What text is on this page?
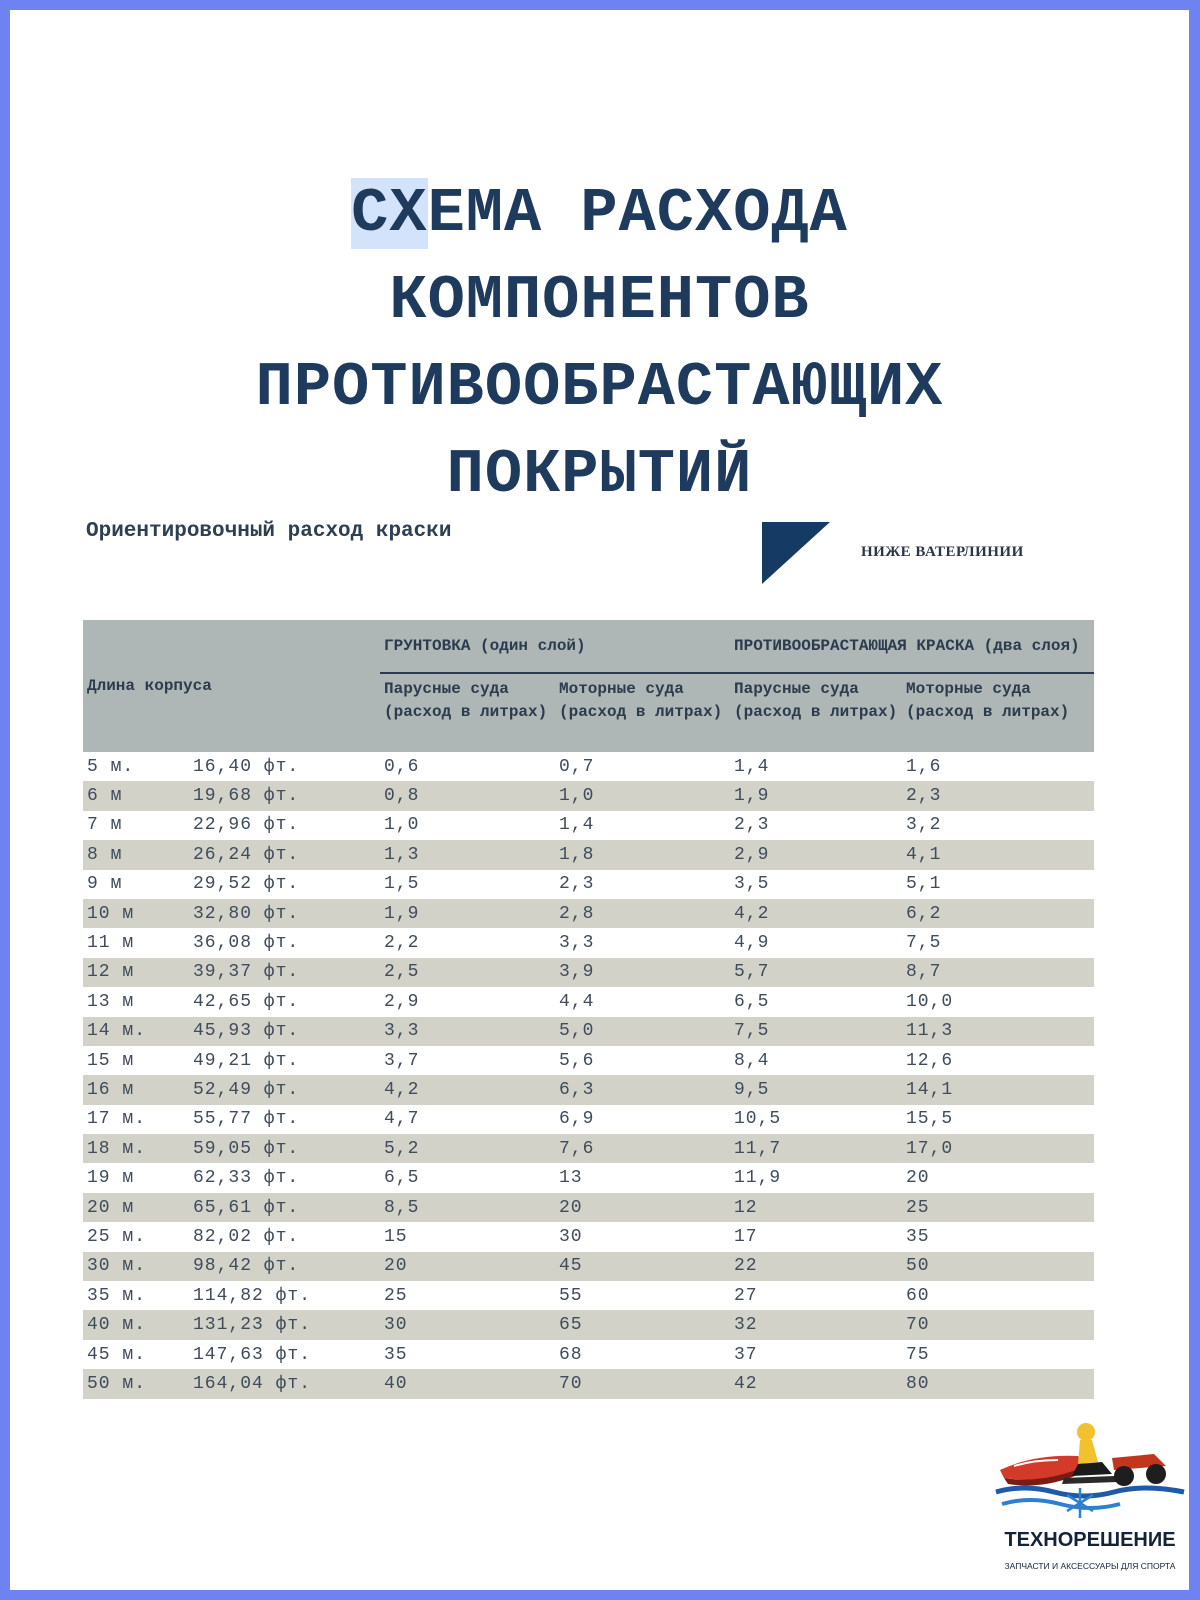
СХЕМА РАСХОДА
КОМПОНЕНТОВ
ПРОТИВООБРАСТАЮЩИХ
ПОКРЫТИЙ
Ориентировочный расход краски
НИЖЕ ВАТЕРЛИНИИ
Длина корпуса	ГРУНТОВКА (один слой)		ПРОТИВООБРАСТАЮЩАЯ КРАСКА (два слоя)	
	Парусные суда (расход в литрах)	Моторные суда (расход в литрах)	Парусные суда (расход в литрах)	Моторные суда (расход в литрах)
5 м. 16,40 фт.	0,6	0,7	1,4	1,6
6 м 19,68 фт.	0,8	1,0	1,9	2,3
7 м 22,96 фт.	1,0	1,4	2,3	3,2
8 м 26,24 фт.	1,3	1,8	2,9	4,1
9 м 29,52 фт.	1,5	2,3	3,5	5,1
10 м 32,80 фт.	1,9	2,8	4,2	6,2
11 м 36,08 фт.	2,2	3,3	4,9	7,5
12 м 39,37 фт.	2,5	3,9	5,7	8,7
13 м 42,65 фт.	2,9	4,4	6,5	10,0
14 м. 45,93 фт.	3,3	5,0	7,5	11,3
15 м 49,21 фт.	3,7	5,6	8,4	12,6
16 м 52,49 фт.	4,2	6,3	9,5	14,1
17 м. 55,77 фт.	4,7	6,9	10,5	15,5
18 м. 59,05 фт.	5,2	7,6	11,7	17,0
19 м 62,33 фт.	6,5	13	11,9	20
20 м 65,61 фт.	8,5	20	12	25
25 м. 82,02 фт.	15	30	17	35
30 м. 98,42 фт.	20	45	22	50
35 м. 114,82 фт.	25	55	27	60
40 м. 131,23 фт.	30	65	32	70
45 м. 147,63 фт.	35	68	37	75
50 м. 164,04 фт.	40	70	42	80
ТЕХНОРЕШЕНИЕ
ЗАПЧАСТИ И АКСЕССУАРЫ ДЛЯ СПОРТА
